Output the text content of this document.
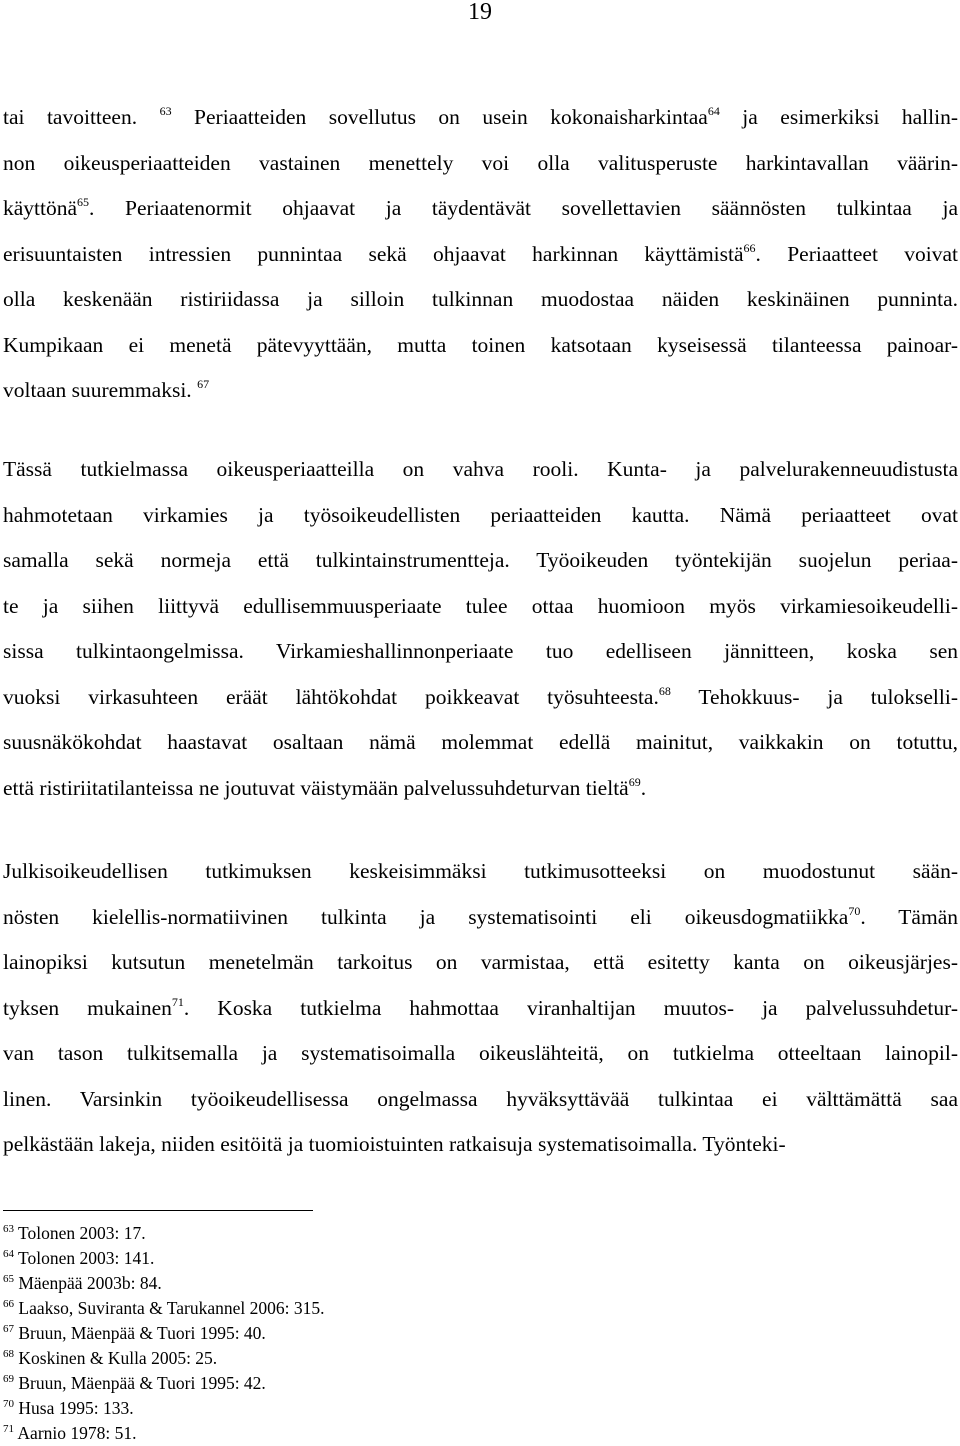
19
tai tavoitteen. $^{63}$ Periaatteiden sovellutus on usein kokonaisharkintaa$^{64}$ ja esimerkiksi hallin-
non oikeusperiaatteiden vastainen menettely voi olla valitusperuste harkintavallan väärin-
käyttönä$^{65}$. Periaatenormit ohjaavat ja täydentävät sovellettavien säännösten tulkintaa ja
erisuuntaisten intressien punnintaa sekä ohjaavat harkinnan käyttämistä$^{66}$. Periaatteet voivat
olla keskenään ristiriidassa ja silloin tulkinnan muodostaa näiden keskinäinen punninta.
Kumpikaan ei menetä pätevyyttään, mutta toinen katsotaan kyseisessä tilanteessa painoar-
voltaan suuremmaksi. $^{67}$
Tässä tutkielmassa oikeusperiaatteilla on vahva rooli. Kunta- ja palvelurakenneuudistusta
hahmotetaan virkamies ja työsoikeudellisten periaatteiden kautta. Nämä periaatteet ovat
samalla sekä normeja että tulkintainstrumentteja. Työoikeuden työntekijän suojelun periaa-
te ja siihen liittyvä edullisemmuusperiaate tulee ottaa huomioon myös virkamiesoikeudelli-
sissa tulkintaongelmissa. Virkamieshallinnonperiaate tuo edelliseen jännitteen, koska sen
vuoksi virkasuhteen eräät lähtökohdat poikkeavat työsuhteesta.$^{68}$ Tehokkuus- ja tulokselli-
suusnäkökohdat haastavat osaltaan nämä molemmat edellä mainitut, vaikkakin on totuttu,
että ristiriitatilanteissa ne joutuvat väistymään palvelussuhdeturvan tieltä$^{69}$.
Julkisoikeudellisen tutkimuksen keskeisimmäksi tutkimusotteeksi on muodostunut sään-
nösten kielellis-normatiivinen tulkinta ja systematisointi eli oikeusdogmatiikka$^{70}$. Tämän
lainopiksi kutsutun menetelmän tarkoitus on varmistaa, että esitetty kanta on oikeusjärjes-
tyksen mukainen$^{71}$. Koska tutkielma hahmottaa viranhaltijan muutos- ja palvelussuhdetur-
van tason tulkitsemalla ja systematisoimalla oikeuslähteitä, on tutkielma otteeltaan lainopil-
linen. Varsinkin työoikeudellisessa ongelmassa hyväksyttävää tulkintaa ei välttämättä saa
pelkästään lakeja, niiden esitöitä ja tuomioistuinten ratkaisuja systematisoimalla. Työnteki-
$^{63}$ Tolonen 2003: 17.
$^{64}$ Tolonen 2003: 141.
$^{65}$ Mäenpää 2003b: 84.
$^{66}$ Laakso, Suviranta & Tarukannel 2006: 315.
$^{67}$ Bruun, Mäenpää & Tuori 1995: 40.
$^{68}$ Koskinen & Kulla 2005: 25.
$^{69}$ Bruun, Mäenpää & Tuori 1995: 42.
$^{70}$ Husa 1995: 133.
$^{71}$ Aarnio 1978: 51.
